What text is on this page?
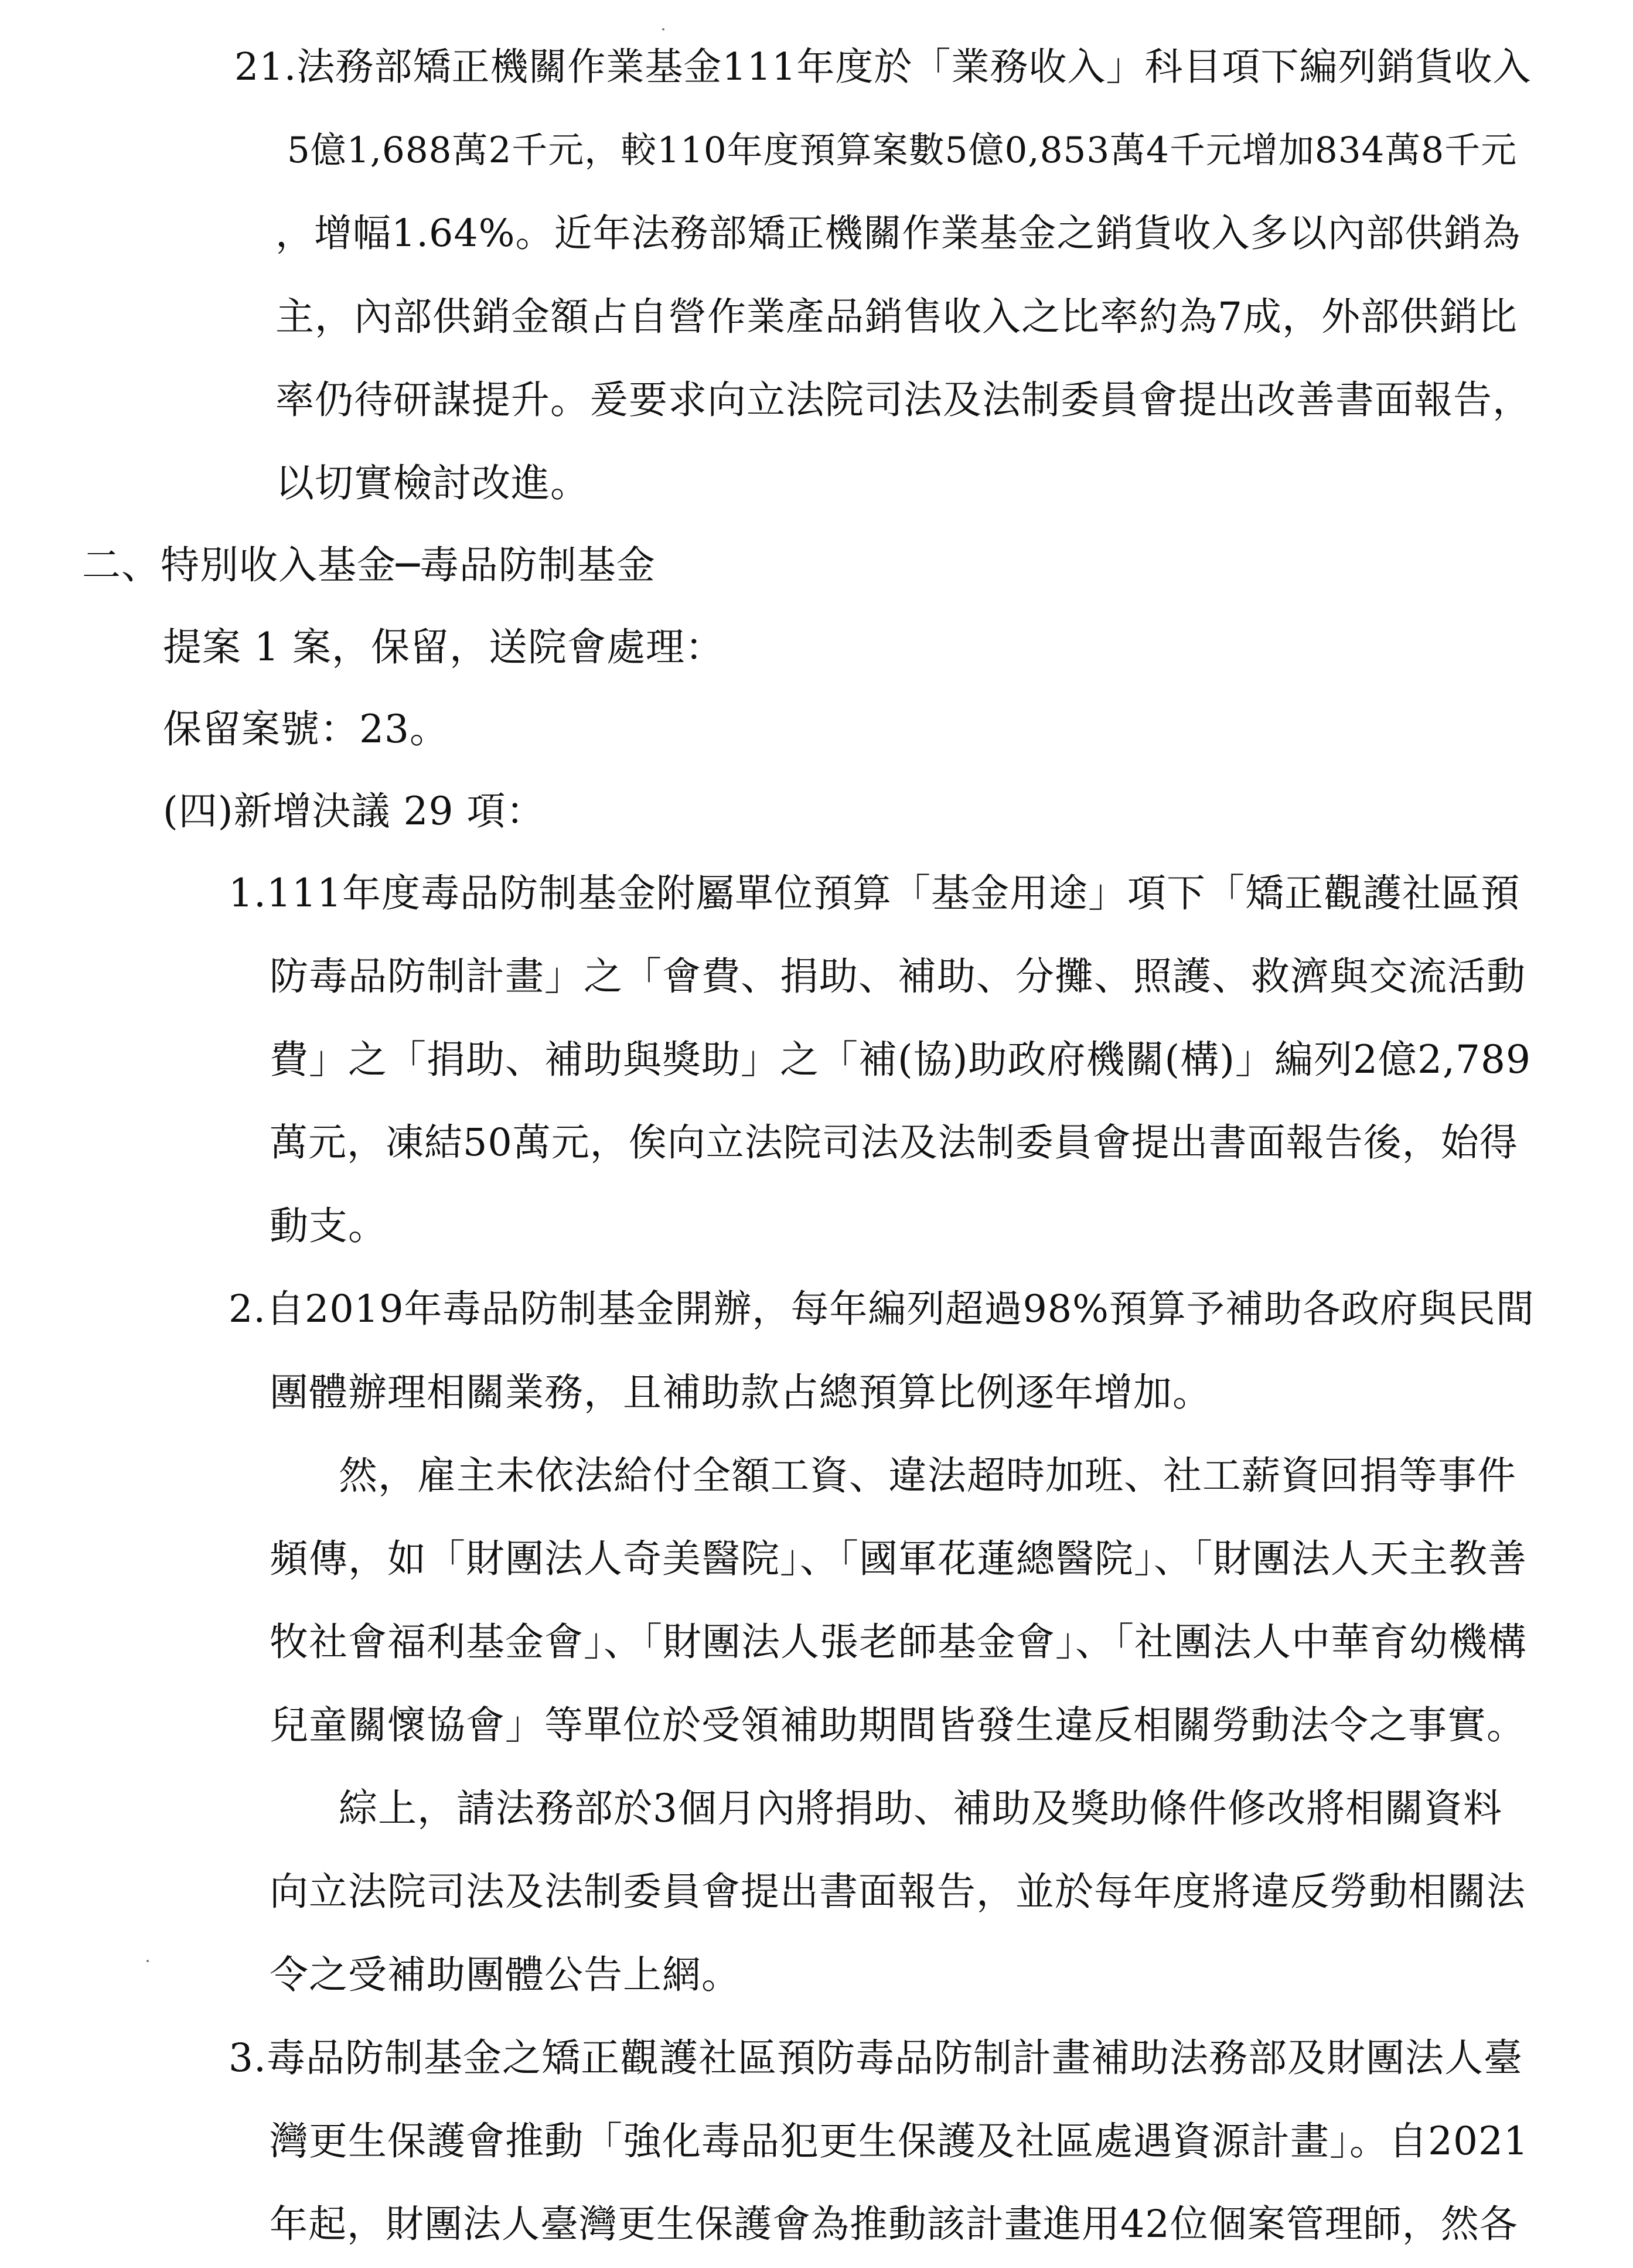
21.法務部矯正機關作業基金111年度於「業務收入」科目項下編列銷貨收入
5億1,688萬2千元，較110年度預算案數5億0,853萬4千元增加834萬8千元
，增幅1.64%。近年法務部矯正機關作業基金之銷貨收入多以內部供銷為
主，內部供銷金額占自營作業產品銷售收入之比率約為7成，外部供銷比
率仍待研謀提升。爰要求向立法院司法及法制委員會提出改善書面報告，
以切實檢討改進。
二、特別收入基金─毒品防制基金
提案 1 案，保留，送院會處理：
保留案號：23。
(四)新增決議 29 項：
1.111年度毒品防制基金附屬單位預算「基金用途」項下「矯正觀護社區預
防毒品防制計畫」之「會費、捐助、補助、分攤、照護、救濟與交流活動
費」之「捐助、補助與獎助」之「補(協)助政府機關(構)」編列2億2,789
萬元，凍結50萬元，俟向立法院司法及法制委員會提出書面報告後，始得
動支。
2.自2019年毒品防制基金開辦，每年編列超過98%預算予補助各政府與民間
團體辦理相關業務，且補助款占總預算比例逐年增加。
然，雇主未依法給付全額工資、違法超時加班、社工薪資回捐等事件
頻傳，如「財團法人奇美醫院」、「國軍花蓮總醫院」、「財團法人天主教善
牧社會福利基金會」、「財團法人張老師基金會」、「社團法人中華育幼機構
兒童關懷協會」等單位於受領補助期間皆發生違反相關勞動法令之事實。
綜上，請法務部於3個月內將捐助、補助及獎助條件修改將相關資料
向立法院司法及法制委員會提出書面報告，並於每年度將違反勞動相關法
令之受補助團體公告上網。
3.毒品防制基金之矯正觀護社區預防毒品防制計畫補助法務部及財團法人臺
灣更生保護會推動「強化毒品犯更生保護及社區處遇資源計畫」。自2021
年起，財團法人臺灣更生保護會為推動該計畫進用42位個案管理師，然各
